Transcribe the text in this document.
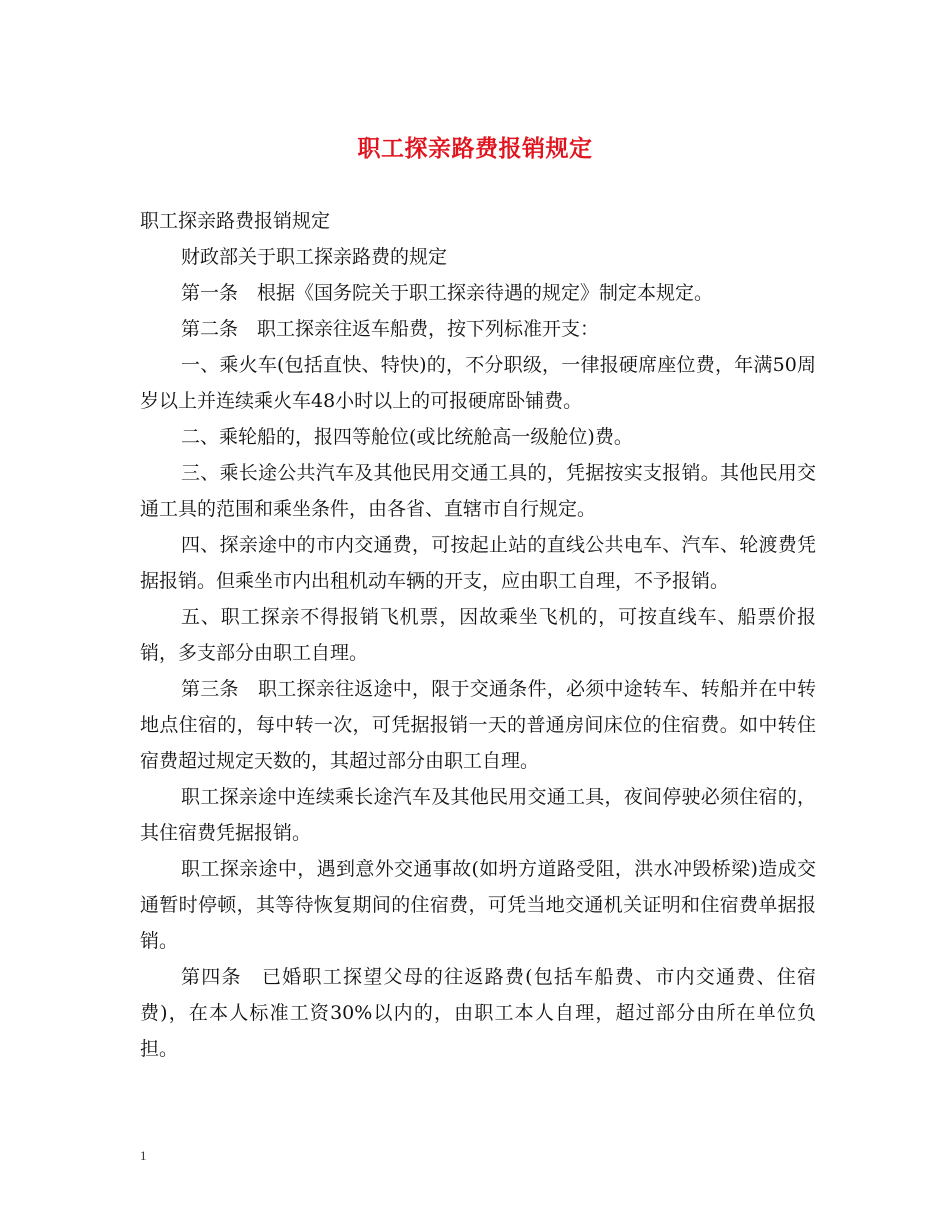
职工探亲路费报销规定

职工探亲路费报销规定

财政部关于职工探亲路费的规定

第一条　根据《国务院关于职工探亲待遇的规定》制定本规定。

第二条　职工探亲往返车船费，按下列标准开支：

一、乘火车(包括直快、特快)的，不分职级，一律报硬席座位费，年满50周岁以上并连续乘火车48小时以上的可报硬席卧铺费。

二、乘轮船的，报四等舱位(或比统舱高一级舱位)费。

三、乘长途公共汽车及其他民用交通工具的，凭据按实支报销。其他民用交通工具的范围和乘坐条件，由各省、直辖市自行规定。

四、探亲途中的市内交通费，可按起止站的直线公共电车、汽车、轮渡费凭据报销。但乘坐市内出租机动车辆的开支，应由职工自理，不予报销。

五、职工探亲不得报销飞机票，因故乘坐飞机的，可按直线车、船票价报销，多支部分由职工自理。

第三条　职工探亲往返途中，限于交通条件，必须中途转车、转船并在中转地点住宿的，每中转一次，可凭据报销一天的普通房间床位的住宿费。如中转住宿费超过规定天数的，其超过部分由职工自理。

职工探亲途中连续乘长途汽车及其他民用交通工具，夜间停驶必须住宿的，其住宿费凭据报销。

职工探亲途中，遇到意外交通事故(如坍方道路受阻，洪水冲毁桥梁)造成交通暂时停顿，其等待恢复期间的住宿费，可凭当地交通机关证明和住宿费单据报销。

第四条　已婚职工探望父母的往返路费(包括车船费、市内交通费、住宿费)，在本人标准工资30%以内的，由职工本人自理，超过部分由所在单位负担。

1
